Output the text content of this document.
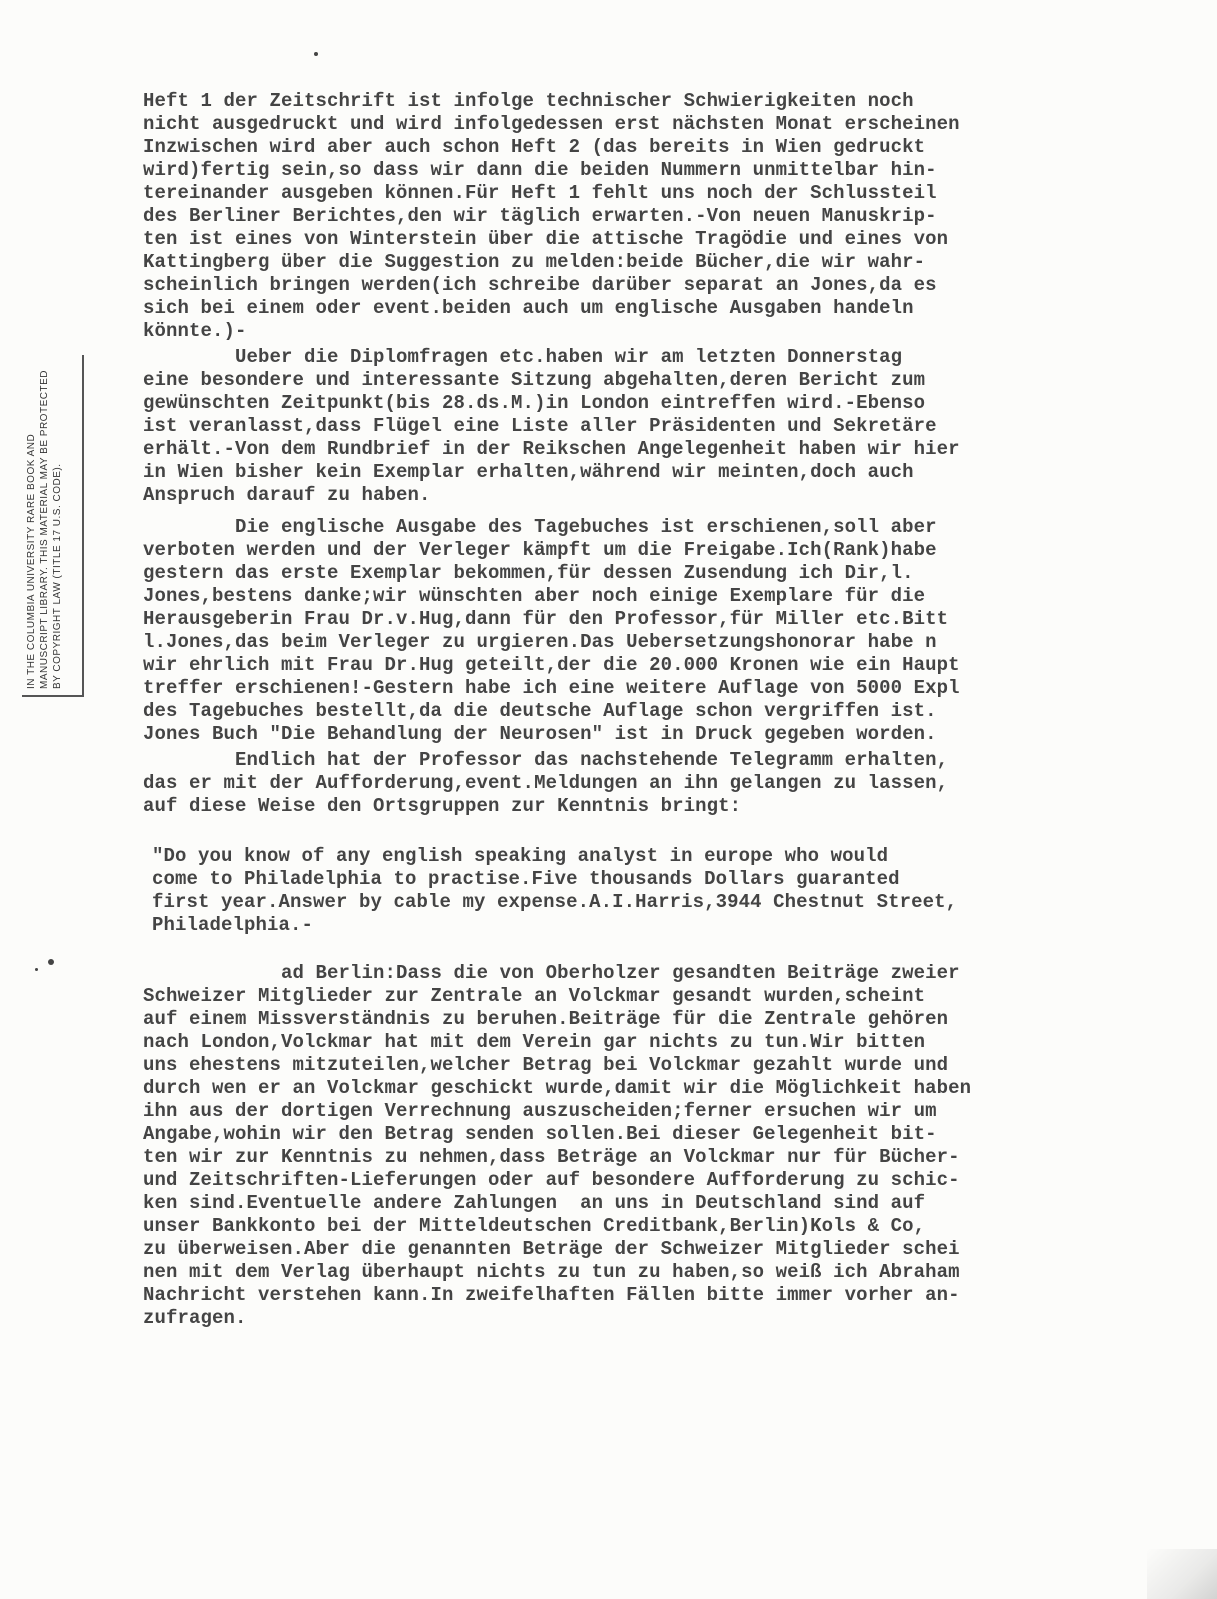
Heft 1 der Zeitschrift ist infolge technischer Schwierigkeiten noch
nicht ausgedruckt und wird infolgedessen erst nächsten Monat erscheinen
Inzwischen wird aber auch schon Heft 2 (das bereits in Wien gedruckt
wird)fertig sein,so dass wir dann die beiden Nummern unmittelbar hin-
tereinander ausgeben können.Für Heft 1 fehlt uns noch der Schlussteil
des Berliner Berichtes,den wir täglich erwarten.-Von neuen Manuskrip-
ten ist eines von Winterstein über die attische Tragödie und eines von
Kattingberg über die Suggestion zu melden:beide Bücher,die wir wahr-
scheinlich bringen werden(ich schreibe darüber separat an Jones,da es
sich bei einem oder event.beiden auch um englische Ausgaben handeln
könnte.)-

Ueber die Diplomfragen etc.haben wir am letzten Donnerstag
eine besondere und interessante Sitzung abgehalten,deren Bericht zum
gewünschten Zeitpunkt(bis 28.ds.M.)in London eintreffen wird.-Ebenso
ist veranlasst,dass Flügel eine Liste aller Präsidenten und Sekretäre
erhält.-Von dem Rundbrief in der Reikschen Angelegenheit haben wir hier
in Wien bisher kein Exemplar erhalten,während wir meinten,doch auch
Anspruch darauf zu haben.

Die englische Ausgabe des Tagebuches ist erschienen,soll aber
verboten werden und der Verleger kämpft um die Freigabe.Ich(Rank)habe
gestern das erste Exemplar bekommen,für dessen Zusendung ich Dir,l.
Jones,bestens danke;wir wünschten aber noch einige Exemplare für die
Herausgeberin Frau Dr.v.Hug,dann für den Professor,für Miller etc.Bitt
l.Jones,das beim Verleger zu urgieren.Das Uebersetzungshonorar habe n
wir ehrlich mit Frau Dr.Hug geteilt,der die 20.000 Kronen wie ein Haupt
treffer erschienen!-Gestern habe ich eine weitere Auflage von 5000 Expl
des Tagebuches bestellt,da die deutsche Auflage schon vergriffen ist.
Jones Buch "Die Behandlung der Neurosen" ist in Druck gegeben worden.

Endlich hat der Professor das nachstehende Telegramm erhalten,
das er mit der Aufforderung,event.Meldungen an ihn gelangen zu lassen,
auf diese Weise den Ortsgruppen zur Kenntnis bringt:

"Do you know of any english speaking analyst in europe who would
come to Philadelphia to practise.Five thousands Dollars guaranted
first year.Answer by cable my expense.A.I.Harris,3944 Chestnut Street,
Philadelphia.-

ad Berlin:Dass die von Oberholzer gesandten Beiträge zweier
Schweizer Mitglieder zur Zentrale an Volckmar gesandt wurden,scheint
auf einem Missverständnis zu beruhen.Beiträge für die Zentrale gehören
nach London,Volckmar hat mit dem Verein gar nichts zu tun.Wir bitten
uns ehestens mitzuteilen,welcher Betrag bei Volckmar gezahlt wurde und
durch wen er an Volckmar geschickt wurde,damit wir die Möglichkeit haben
ihn aus der dortigen Verrechnung auszuscheiden;ferner ersuchen wir um
Angabe,wohin wir den Betrag senden sollen.Bei dieser Gelegenheit bit-
ten wir zur Kenntnis zu nehmen,dass Beträge an Volckmar nur für Bücher-
und Zeitschriften-Lieferungen oder auf besondere Aufforderung zu schic-
ken sind.Eventuelle andere Zahlungen  an uns in Deutschland sind auf
unser Bankkonto bei der Mitteldeutschen Creditbank,Berlin)Kols & Co,
zu überweisen.Aber die genannten Beträge der Schweizer Mitglieder schei
nen mit dem Verlag überhaupt nichts zu tun zu haben,so weiß ich Abraham
Nachricht verstehen kann.In zweifelhaften Fällen bitte immer vorher an-
zufragen.

IN THE COLUMBIA UNIVERSITY RARE BOOK AND MANUSCRIPT LIBRARY. THIS MATERIAL MAY BE PROTECTED BY COPYRIGHT LAW (TITLE 17 U.S. CODE).
